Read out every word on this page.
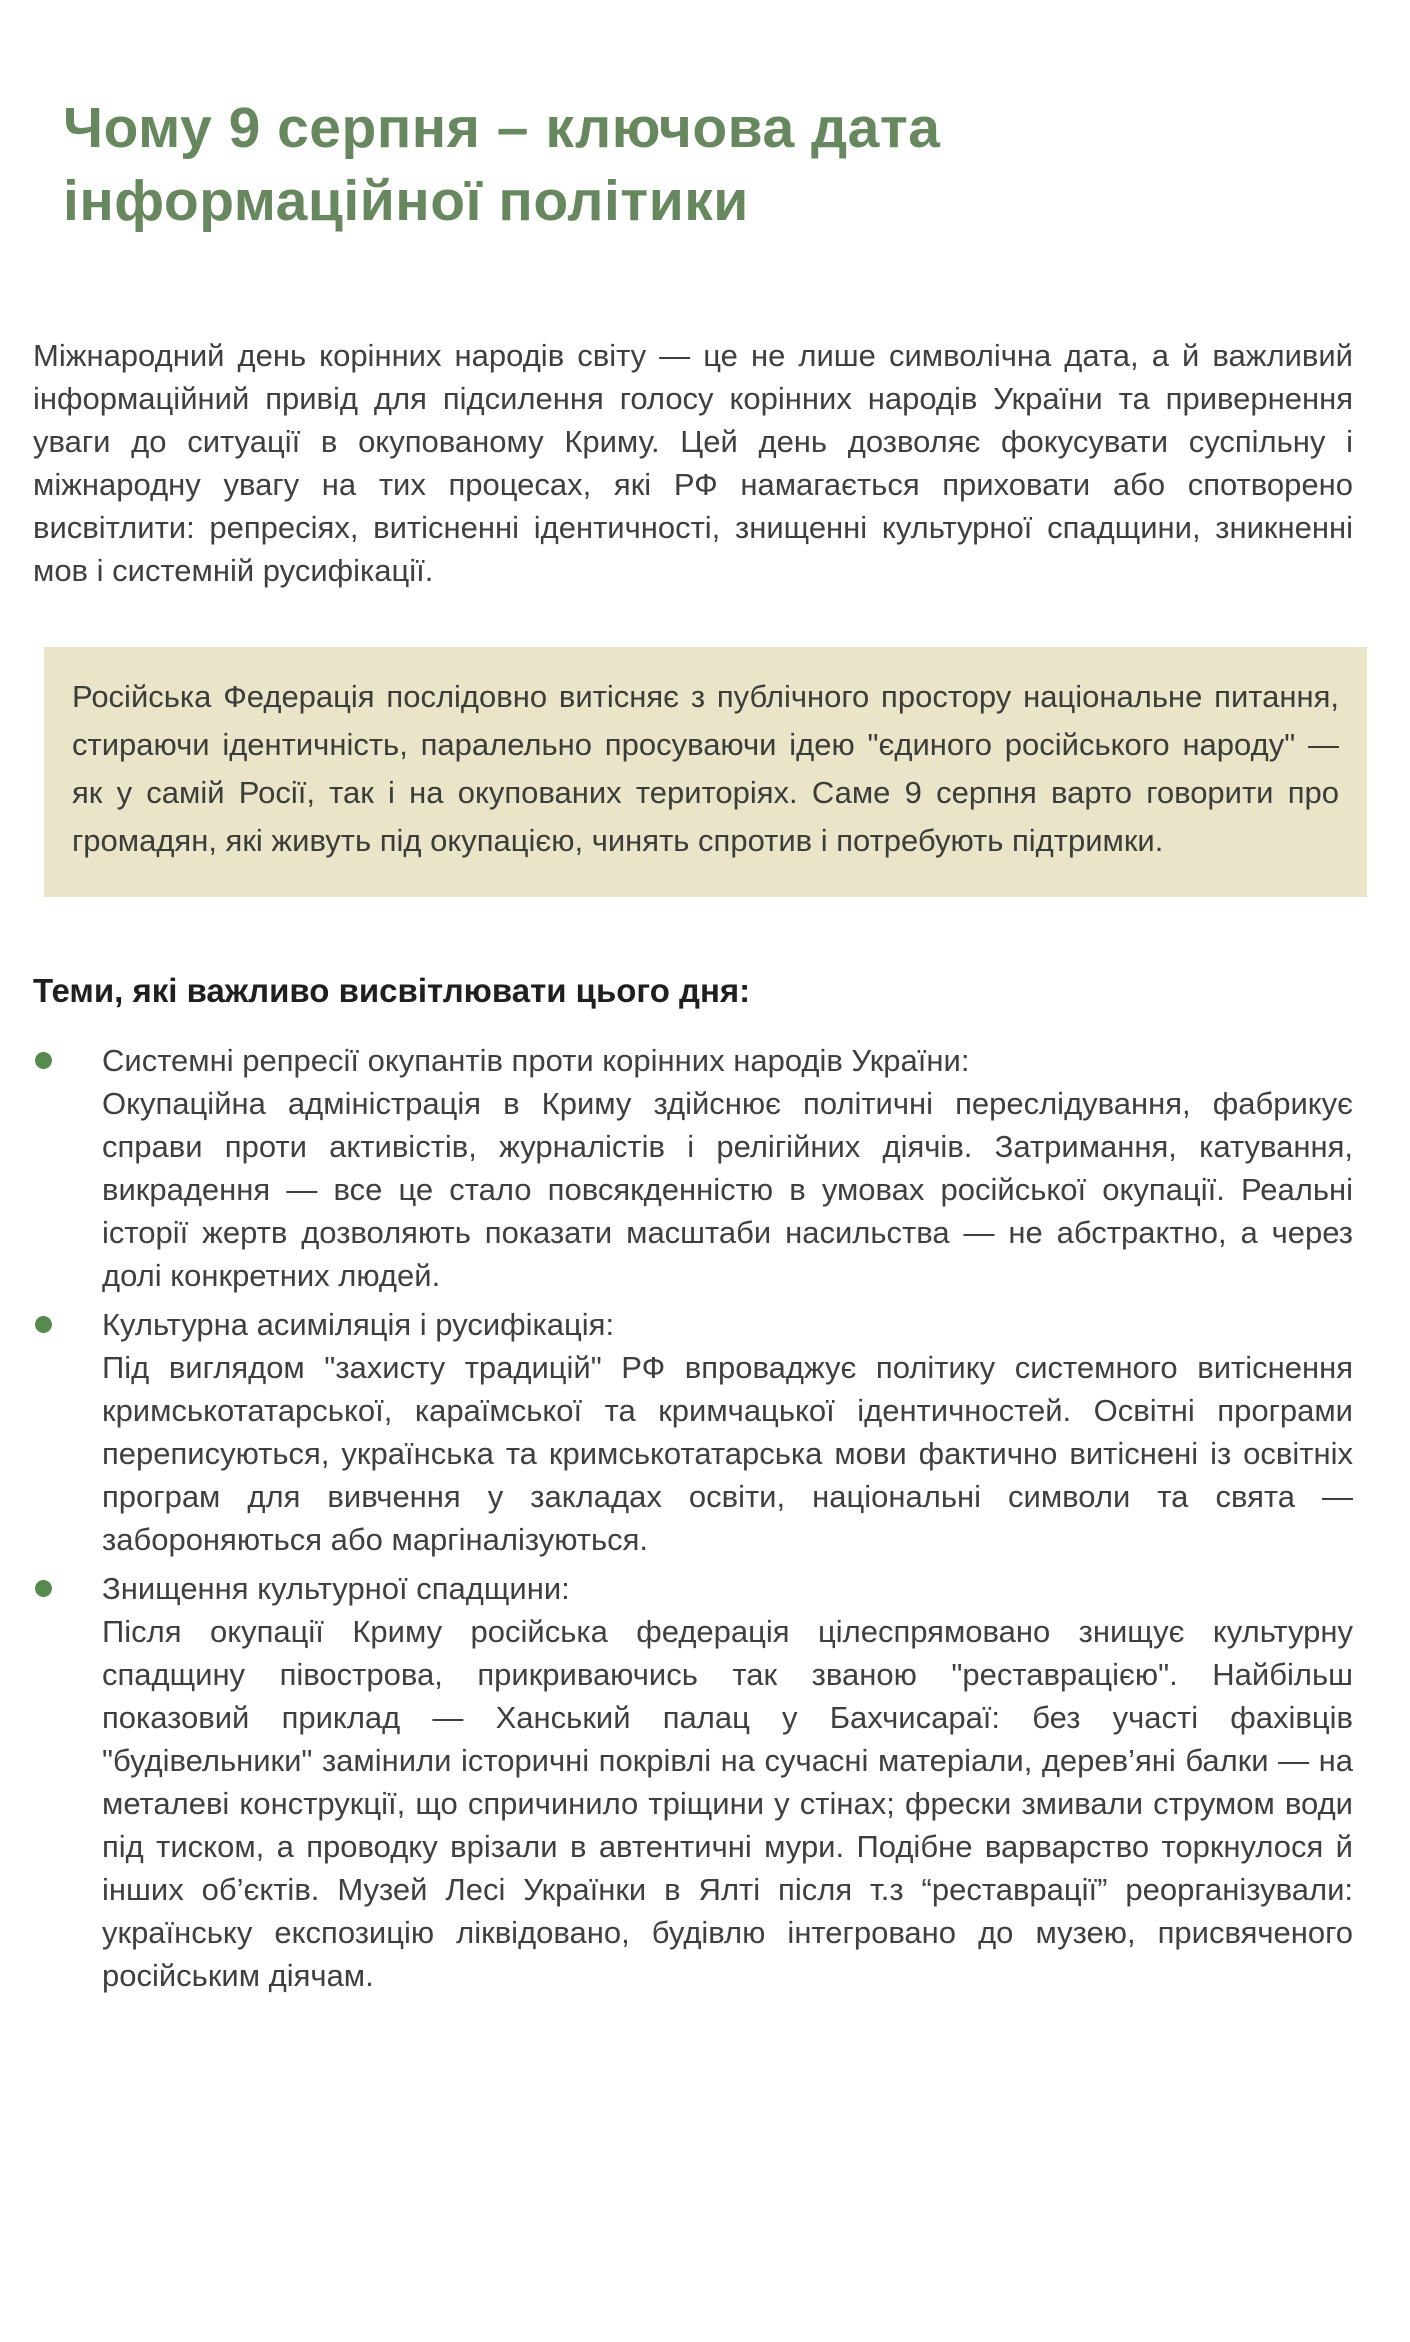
Чому 9 серпня – ключова дата інформаційної політики

Міжнародний день корінних народів світу — це не лише символічна дата, а й важливий інформаційний привід для підсилення голосу корінних народів України та привернення уваги до ситуації в окупованому Криму. Цей день дозволяє фокусувати суспільну і міжнародну увагу на тих процесах, які РФ намагається приховати або спотворено висвітлити: репресіях, витісненні ідентичності, знищенні культурної спадщини, зникненні мов і системній русифікації.

Російська Федерація послідовно витісняє з публічного простору національне питання, стираючи ідентичність, паралельно просуваючи ідею "єдиного російського народу" — як у самій Росії, так і на окупованих територіях. Саме 9 серпня варто говорити про громадян, які живуть під окупацією, чинять спротив і потребують підтримки.

Теми, які важливо висвітлювати цього дня:

Системні репресії окупантів проти корінних народів України:

Окупаційна адміністрація в Криму здійснює політичні переслідування, фабрикує справи проти активістів, журналістів і релігійних діячів. Затримання, катування, викрадення — все це стало повсякденністю в умовах російської окупації. Реальні історії жертв дозволяють показати масштаби насильства — не абстрактно, а через долі конкретних людей.

Культурна асиміляція і русифікація:

Під виглядом "захисту традицій" РФ впроваджує політику системного витіснення кримськотатарської, караїмської та кримчацької ідентичностей. Освітні програми переписуються, українська та кримськотатарська мови фактично витіснені із освітніх програм для вивчення у закладах освіти, національні символи та свята — забороняються або маргіналізуються.

Знищення культурної спадщини:

Після окупації Криму російська федерація цілеспрямовано знищує культурну спадщину півострова, прикриваючись так званою "реставрацією". Найбільш показовий приклад — Ханський палац у Бахчисараї: без участі фахівців "будівельники" замінили історичні покрівлі на сучасні матеріали, дерев’яні балки — на металеві конструкції, що спричинило тріщини у стінах; фрески змивали струмом води під тиском, а проводку врізали в автентичні мури. Подібне варварство торкнулося й інших об’єктів. Музей Лесі Українки в Ялті після т.з “реставрації” реорганізували: українську експозицію ліквідовано, будівлю інтегровано до музею, присвяченого російським діячам.
